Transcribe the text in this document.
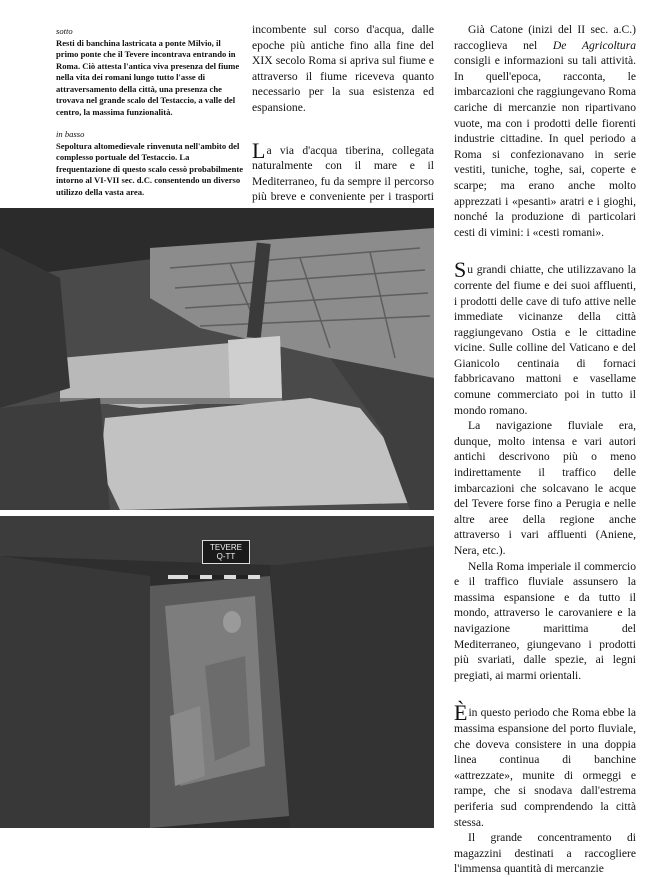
sotto

Resti di banchina lastricata a ponte Milvio, il primo ponte che il Tevere incontrava entrando in Roma. Ciò attesta l'antica viva presenza del fiume nella vita dei romani lungo tutto l'asse di attraversamento della città, una presenza che trovava nel grande scalo del Testaccio, a valle del centro, la massima funzionalità.

in basso

Sepoltura altomedievale rinvenuta nell'ambito del complesso portuale del Testaccio. La frequentazione di questo scalo cessò probabilmente intorno al VI-VII sec. d.C. consentendo un diverso utilizzo della vasta area.

incombente sul corso d'acqua, dalle epoche più antiche fino alla fine del XIX secolo Roma si apriva sul fiume e attraverso il fiume riceveva quanto necessario per la sua esistenza ed espansione.

La via d'acqua tiberina, collegata naturalmente con il mare e il Mediterraneo, fu da sempre il percorso più breve e conveniente per i trasporti

Già Catone (inizi del II sec. a.C.) raccoglieva nel De Agricoltura consigli e informazioni su tali attività. In quell'epoca, racconta, le imbarcazioni che raggiungevano Roma cariche di mercanzie non ripartivano vuote, ma con i prodotti delle fiorenti industrie cittadine. In quel periodo a Roma si confezionavano in serie vestiti, tuniche, toghe, sai, coperte e scarpe; ma erano anche molto apprezzati i «pesanti» aratri e i gioghi, nonché la produzione di particolari cesti di vimini: i «cesti romani».

Su grandi chiatte, che utilizzavano la corrente del fiume e dei suoi affluenti, i prodotti delle cave di tufo attive nelle immediate vicinanze della città raggiungevano Ostia e le cittadine vicine. Sulle colline del Vaticano e del Gianicolo centinaia di fornaci fabbricavano mattoni e vasellame comune commerciato poi in tutto il mondo romano.

La navigazione fluviale era, dunque, molto intensa e vari autori antichi descrivono più o meno indirettamente il traffico delle imbarcazioni che solcavano le acque del Tevere forse fino a Perugia e nelle altre aree della regione anche attraverso i vari affluenti (Aniene, Nera, etc.).

Nella Roma imperiale il commercio e il traffico fluviale assunsero la massima espansione e da tutto il mondo, attraverso le carovaniere e la navigazione marittima del Mediterraneo, giungevano i prodotti più svariati, dalle spezie, ai legni pregiati, ai marmi orientali.

Èin questo periodo che Roma ebbe la massima espansione del porto fluviale, che doveva consistere in una doppia linea continua di banchine «attrezzate», munite di ormeggi e rampe, che si snodava dall'estrema periferia sud comprendendo la città stessa.

Il grande concentramento di magazzini destinati a raccogliere l'immensa quantità di mercanzie

TEVERE
Q-TT
